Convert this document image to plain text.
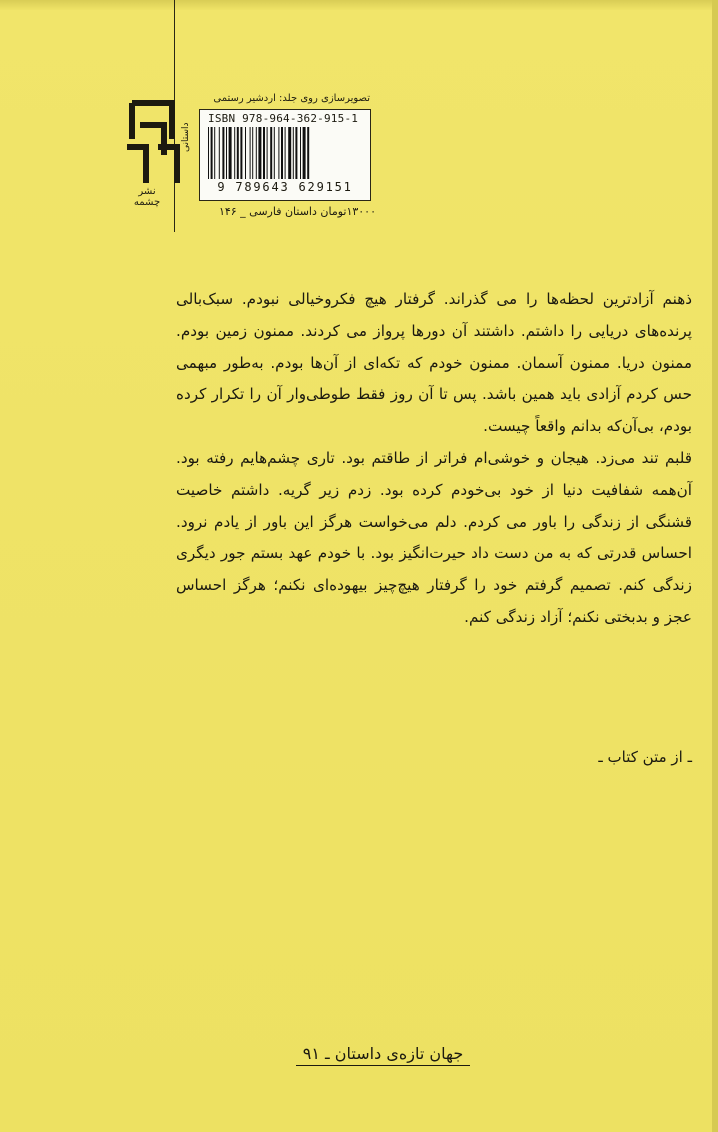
نشر چشمه
تصویرسازی روی جلد: اردشیر رستمی
داستانی
ISBN 978-964-362-915-1
9 789643 629151
۱۳۰۰۰تومان داستان فارسی _ ۱۴۶

ذهنم آزادترین لحظه‌ها را می گذراند. گرفتار هیچ فکروخیالی نبودم. سبک‌بالی پرنده‌های دریایی را داشتم. داشتند آن دورها پرواز می کردند. ممنون زمین بودم. ممنون دریا. ممنون آسمان. ممنون خودم که تکه‌ای از آن‌ها بودم. به‌طور مبهمی حس کردم آزادی باید همین باشد. پس تا آن روز فقط طوطی‌وار آن را تکرار کرده بودم، بی‌آن‌که بدانم واقعاً چیست.

قلبم تند می‌زد. هیجان و خوشی‌ام فراتر از طاقتم بود. تاری چشم‌هایم رفته بود. آن‌همه شفافیت دنیا از خود بی‌خودم کرده بود. زدم زیر گریه. داشتم خاصیت قشنگی از زندگی را باور می کردم. دلم می‌خواست هرگز این باور از یادم نرود. احساس قدرتی که به من دست داد حیرت‌انگیز بود. با خودم عهد بستم جور دیگری زندگی کنم. تصمیم گرفتم خود را گرفتار هیچ‌چیز بیهوده‌ای نکنم؛ هرگز احساس عجز و بدبختی نکنم؛ آزاد زندگی کنم.

ـ از متن کتاب ـ
جهان تازه‌ی داستان ـ ۹۱
